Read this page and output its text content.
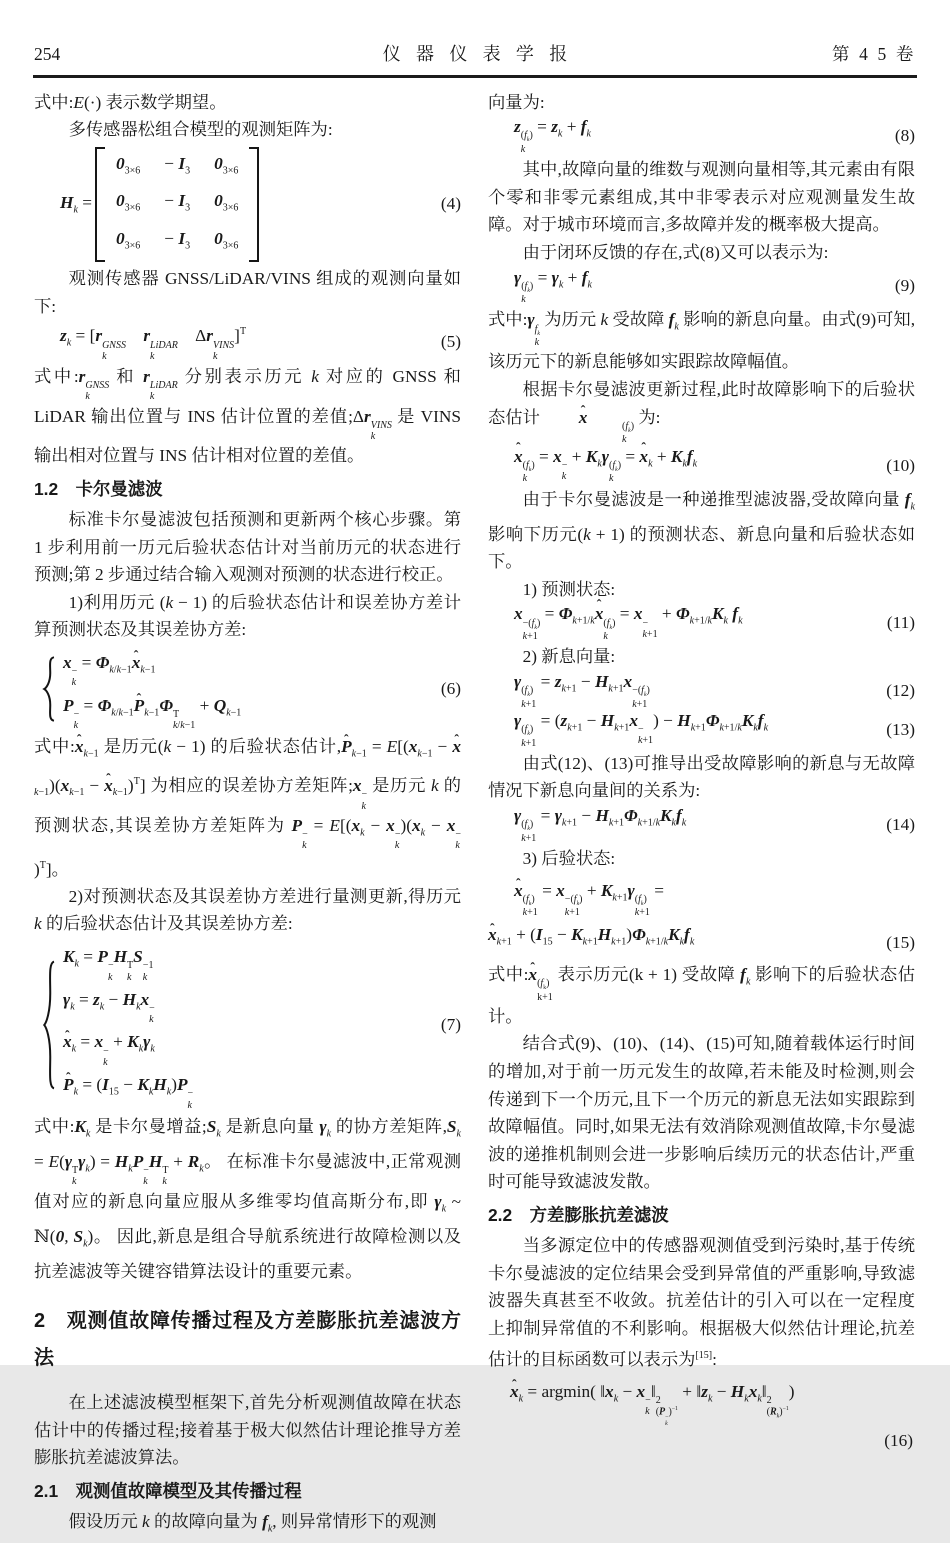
254	仪器仪表学报	第 4 5 卷
式中:E(·) 表示数学期望。
多传感器松组合模型的观测矩阵为:
$H_k$ =
$0_{3\times 6} - I_3$ $0_{3\times 6}$
$0_{3\times 6} - I_3$ $0_{3\times 6}$
$0_{3\times 6} - I_3$ $0_{3\times 6}$
(4)
观测传感器 GNSS/LiDAR/VINS 组成的观测向量如下:
$z_k = [r$ GNSS
k
　r LiDAR
k
　Δr VINS
k
]$^T$	(5)
式中:r GNSS
k
和 r LiDAR
k
分别表示历元 k 对应的 GNSS 和 LiDAR 输出位置与 INS 估计位置的差值;Δr VINS
k
是 VINS 输出相对位置与 INS 估计相对位置的差值。
1.2　卡尔曼滤波
标准卡尔曼滤波包括预测和更新两个核心步骤。第 1 步利用前一历元后验状态估计对当前历元的状态进行预测;第 2 步通过结合输入观测对预测的状态进行校正。
1)利用历元 (k − 1) 的后验状态估计和误差协方差计算预测状态及其误差协方差:
x −
k
= $\Phi_{k/k-1}x$ ˆ$_{k-1}$
P −
k
= $\Phi_{k/k-1}P$ ˆ$_{k-1}$Φ T
k/k−1
+ $Q_{k-1}$
(6)
式中:x ˆ$_{k-1}$ 是历元(k − 1) 的后验状态估计,P ˆ$_{k-1}$ = $E[(x_{k-1} - x$ $ˆ_{k-1})(x_{k-1} - x$ ˆ$_{k-1}$)$^T$] 为相应的误差协方差矩阵;x −
k
是历元 k 的预测状态,其误差协方差矩阵为 P −
k
= $E[(x_k - x$ −
k
)($x_k - x$ −
k
)$^T$]。
2)对预测状态及其误差协方差进行量测更新,得历元 k 的后验状态估计及其误差协方差:
$K_k = P$ −
k
H T
k
S −1
k
$\gamma_k = z_k - H_kx$ −
k
x ˆ$_k$ = x −
k
+ $K_k\gamma_k$
P ˆ$_k$ = $(I_{15} - K_kH_k)P$ −
k
(7)
式中$:K_k$ 是卡尔曼增益$;S_k$ 是新息向量 $\gamma_k$ 的协方差矩阵$,S_k = E(\gamma$ T
k
$\gamma_k) = H_kP$ −
k
H T
k
+ $R_k$。 在标准卡尔曼滤波中,正常观测值对应的新息向量应服从多维零均值高斯分布,即 $\gamma_k$ ~ ℕ(0, $S_k$)。 因此,新息是组合导航系统进行故障检测以及抗差滤波等关键容错算法设计的重要元素。
2　观测值故障传播过程及方差膨胀抗差滤波方法
在上述滤波模型框架下,首先分析观测值故障在状态估计中的传播过程;接着基于极大似然估计理论推导方差膨胀抗差滤波算法。
2.1　观测值故障模型及其传播过程
假设历元 k 的故障向量为 $f_k$, 则异常情形下的观测
向量为:
z $(f_k)$
k
= $z_k + f_k$	(8)
其中,故障向量的维数与观测向量相等,其元素由有限个零和非零元素组成,其中非零表示对应观测量发生故障。对于城市环境而言,多故障并发的概率极大提高。
由于闭环反馈的存在,式(8)又可以表示为:
γ $(f_k)$
k
= $\gamma_k + f_k$	(9)
式中:γ $f_k$
k
为历元 k 受故障 $f_k$ 影响的新息向量。由式(9)可知,该历元下的新息能够如实跟踪故障幅值。
根据卡尔曼滤波更新过程,此时故障影响下的后验状态估计 x ˆ	$(f_k)$
k
为:
x ˆ $(f_k)$
k
= x −
k
+ $K_k\gamma$ $(f_k)$
k
= x ˆ$_k$ + $K_kf_k$	(10)
由于卡尔曼滤波是一种递推型滤波器,受故障向量 $f_k$ 影响下历元(k + 1) 的预测状态、新息向量和后验状态如下。
1) 预测状态:
$x -(f_k)$
k+1
= $\Phi_{k+1/k}x$ ˆ $(f_k)$
k
= x −
k+1
+ $\Phi_{k+1/k}K_k$ $f_k$	(11)
2) 新息向量:
γ $(f_k)$
k+1
= $z_{k+1} - H_{k+1}x -(f_k)$
k+1
(12)
γ $(f_k)$
k+1
= ($z_{k+1} - H_{k+1}x$ −
k+1
) − $H_{k+1}\Phi_{k+1/k}K_kf_k$	(13)
由式(12)、(13)可推导出受故障影响的新息与无故障情况下新息向量间的关系为:
γ $(f_k)$
k+1
= $\gamma_{k+1} - H_{k+1}\Phi_{k+1/k}K_kf_k$	(14)
3) 后验状态:
x ˆ $(f_k)$
k+1
= $x -(f_k)$
k+1
+ $K_{k+1}\gamma$ $(f_k)$
k+1
=
x ˆ$_{k+1}$ + $(I_{15} - K_{k+1}H_{k+1})\Phi_{k+1/k}K_kf_k$	(15)
式中:x ˆ $(f_k)$
k+1
表示历元(k + 1) 受故障 $f_k$ 影响下的后验状态估计。
结合式(9)、(10)、(14)、(15)可知,随着载体运行时间的增加,对于前一历元发生的故障,若未能及时检测,则会传递到下一个历元,且下一个历元的新息无法如实跟踪到故障幅值。同时,如果无法有效消除观测值故障,卡尔曼滤波的递推机制则会进一步影响后续历元的状态估计,严重时可能导致滤波发散。
2.2　方差膨胀抗差滤波
当多源定位中的传感器观测值受到污染时,基于传统卡尔曼滤波的定位结果会受到异常值的严重影响,导致滤波器失真甚至不收敛。抗差估计的引入可以在一定程度上抑制异常值的不利影响。根据极大似然估计理论,抗差估计的目标函数可以表示为[15]:
x ˆ$_k$ = argmin( $‖x_k - x$ −
k
‖ 2
(P −
k
)$^{-1}$
+ $‖z_k$ − $H_kx_k‖$ 2
$(R_k)^{-1}$
)
(16)
